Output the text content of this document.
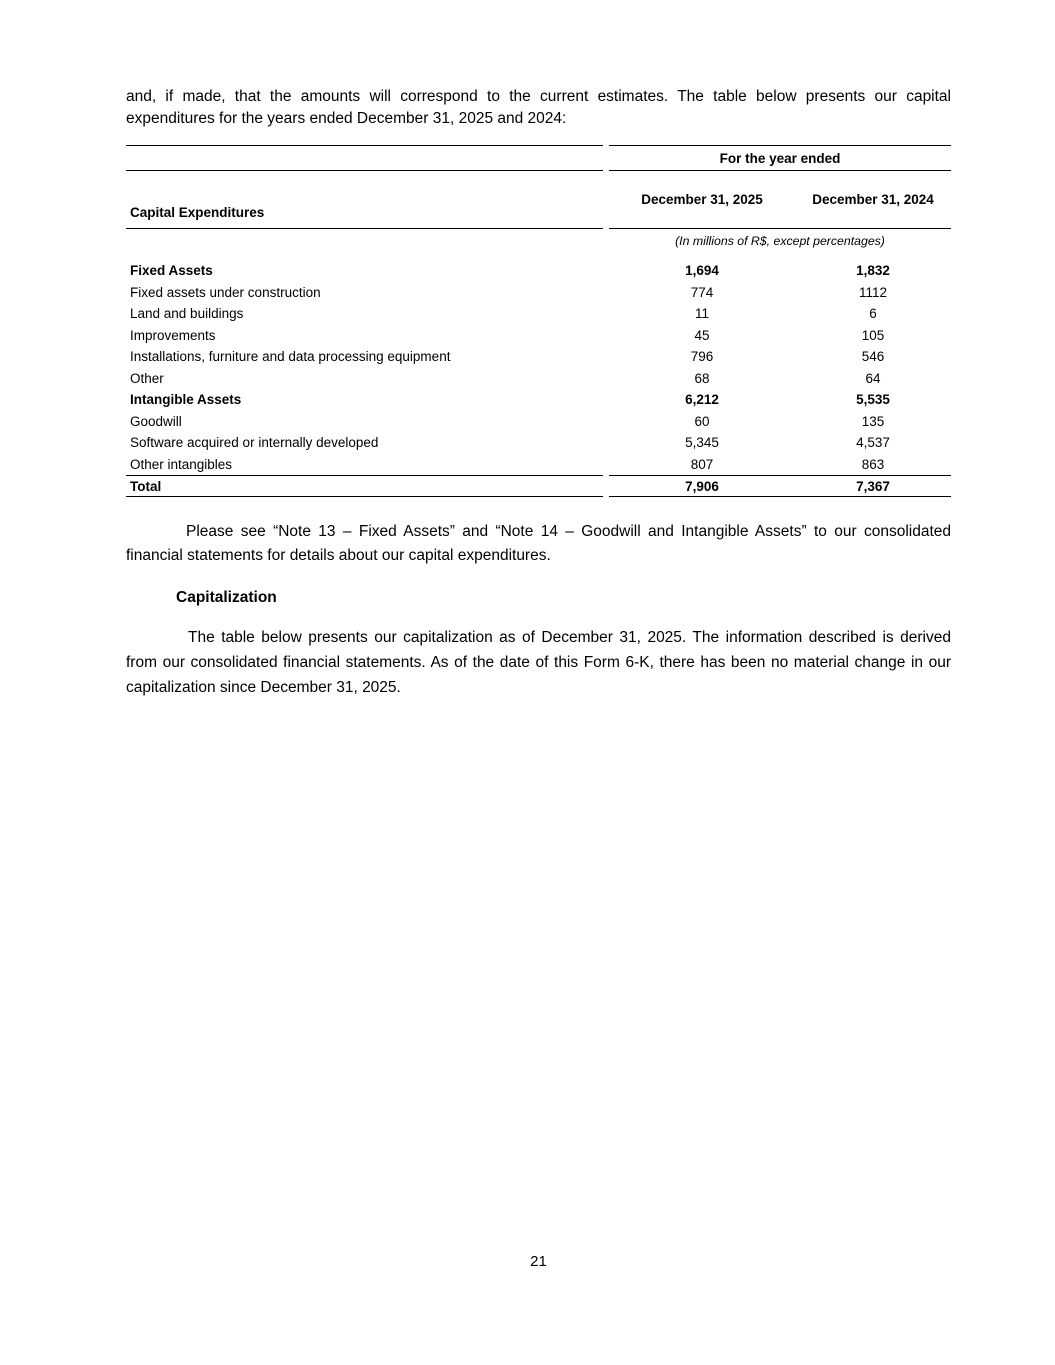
and, if made, that the amounts will correspond to the current estimates. The table below presents our capital expenditures for the years ended December 31, 2025 and 2024:

For the year ended
Capital Expenditures
December 31, 2025	December 31, 2024
(In millions of R$, except percentages)
Fixed Assets	1,694	1,832
Fixed assets under construction	774	1112
Land and buildings	11	6
Improvements	45	105
Installations, furniture and data processing equipment	796	546
Other	68	64
Intangible Assets	6,212	5,535
Goodwill	60	135
Software acquired or internally developed	5,345	4,537
Other intangibles	807	863
Total	7,906	7,367

Please see “Note 13 – Fixed Assets” and “Note 14 – Goodwill and Intangible Assets” to our consolidated financial statements for details about our capital expenditures.

Capitalization

The table below presents our capitalization as of December 31, 2025. The information described is derived from our consolidated financial statements. As of the date of this Form 6-K, there has been no material change in our capitalization since December 31, 2025.

21
